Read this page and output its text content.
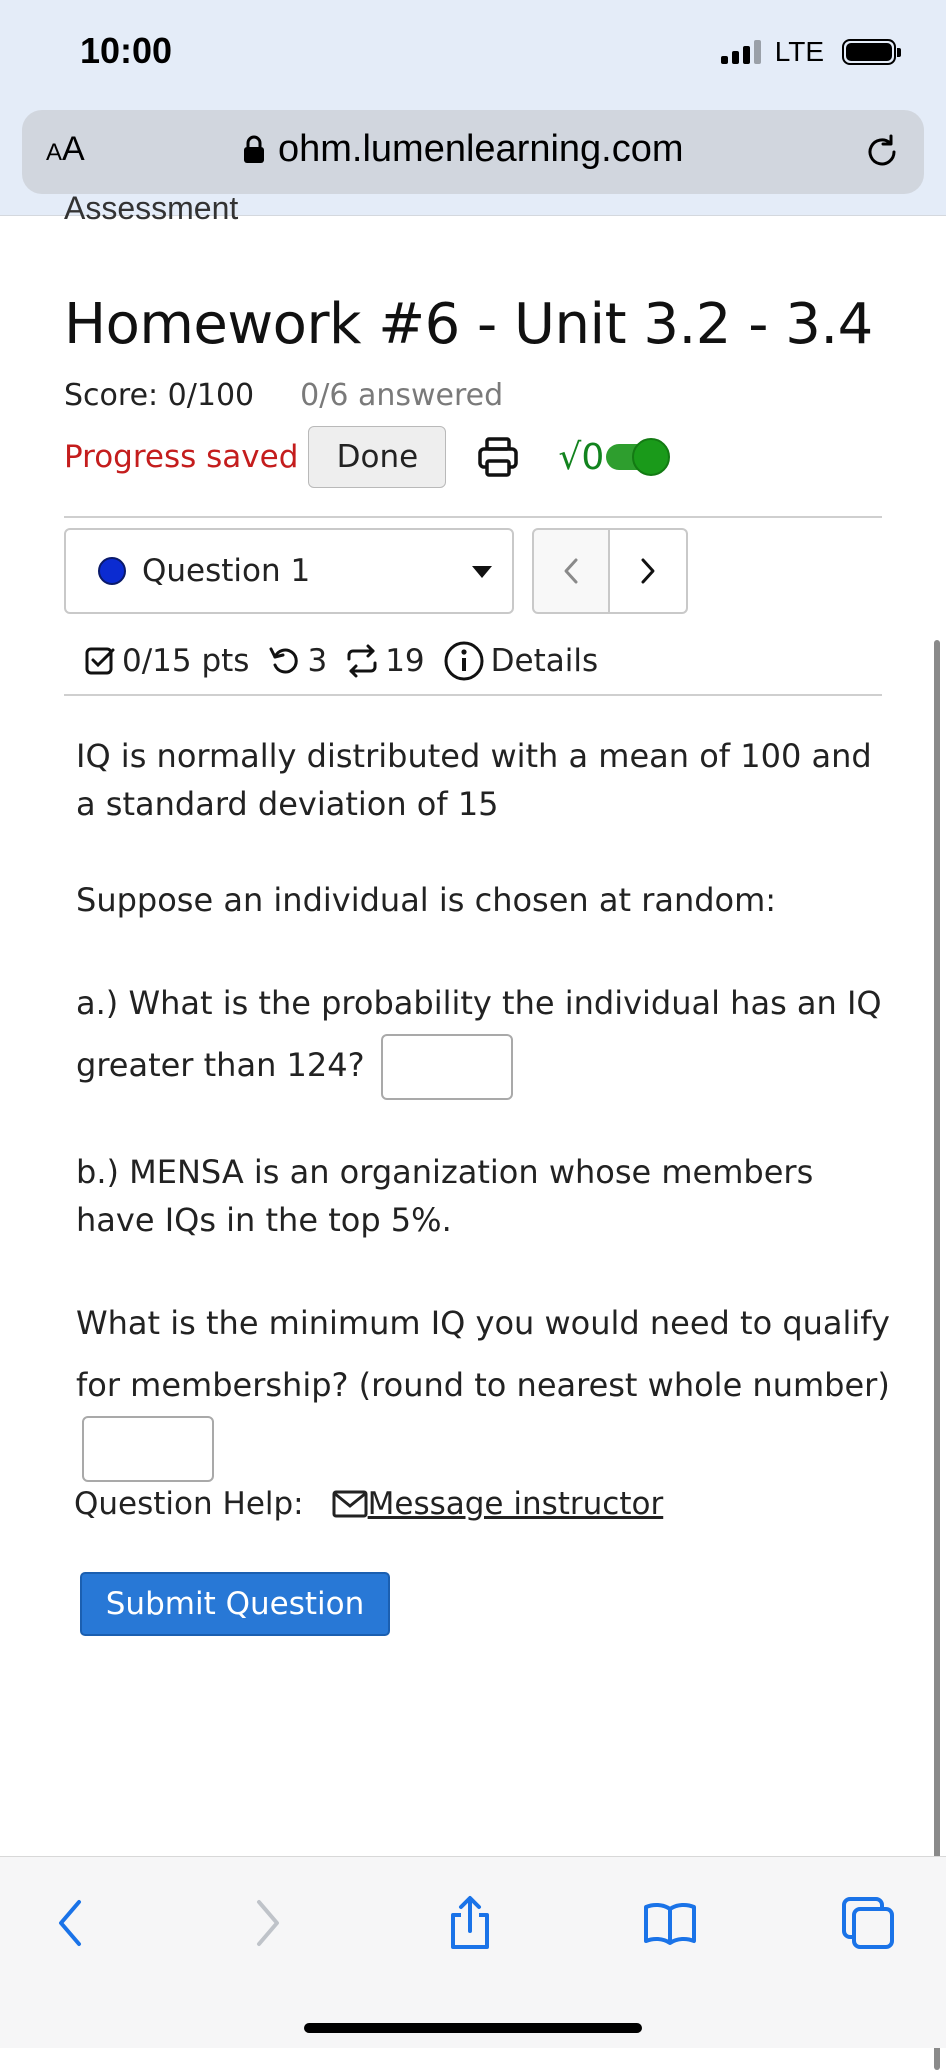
10:00	LTE
AA	ohm.lumenlearning.com
Assessment
Homework #6 - Unit 3.2 - 3.4
Score: 0/100 0/6 answered
Progress saved	Done	√0
Question 1
0/15 pts 3 19 Details

IQ is normally distributed with a mean of 100 and a standard deviation of 15

Suppose an individual is chosen at random:

a.) What is the probability the individual has an IQ greater than 124?

b.) MENSA is an organization whose members have IQs in the top 5%.

What is the minimum IQ you would need to qualify for membership? (round to nearest whole number)

Question Help: Message instructor
Submit Question
